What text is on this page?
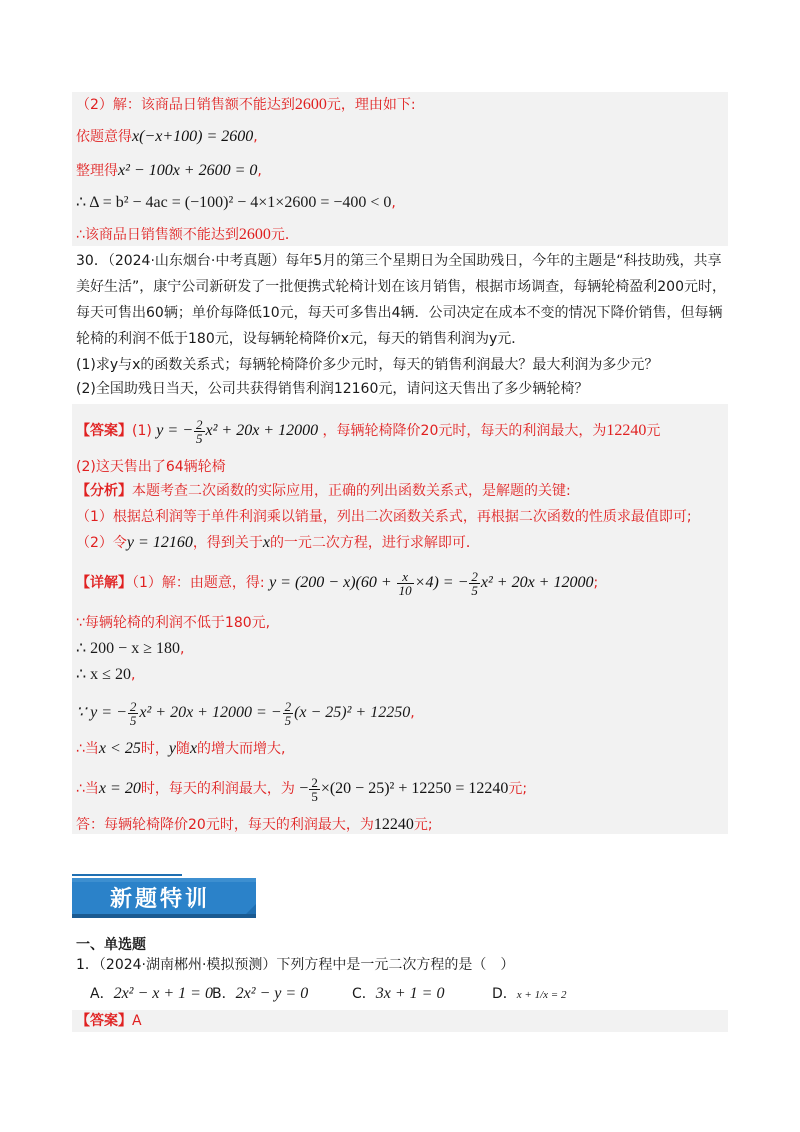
（2）解：该商品日销售额不能达到2600元，理由如下:
依题意得x(−x+100) = 2600,
整理得x² − 100x + 2600 = 0,
∴ Δ = b² − 4ac = (−100)² − 4×1×2600 = −400 < 0,
∴该商品日销售额不能达到2600元．
30．（2024·山东烟台·中考真题）每年5月的第三个星期日为全国助残日，今年的主题是“科技助残，共享美好生活”，康宁公司新研发了一批便携式轮椅计划在该月销售，根据市场调查，每辆轮椅盈利200元时，每天可售出60辆；单价每降低10元，每天可多售出4辆．公司决定在成本不变的情况下降价销售，但每辆轮椅的利润不低于180元，设每辆轮椅降价x元，每天的销售利润为y元．
(1)求y与x的函数关系式；每辆轮椅降价多少元时，每天的销售利润最大？最大利润为多少元？
(2)全国助残日当天，公司共获得销售利润12160元，请问这天售出了多少辆轮椅？
【答案】(1) y = − $\frac{2}{5} x^2 + 20x + 12000$ ，每辆轮椅降价20元时，每天的利润最大，为12240元
(2)这天售出了64辆轮椅
【分析】本题考查二次函数的实际应用，正确的列出函数关系式，是解题的关键:
（1）根据总利润等于单件利润乘以销量，列出二次函数关系式，再根据二次函数的性质求最值即可;
（2）令y = 12160，得到关于x的一元二次方程，进行求解即可．
【详解】（1）解：由题意，得: $y = (200 - x)(60 + \frac{x}{10} \times 4)$ = − $\frac{2}{5} x^2 + 20x + 12000$;
∵每辆轮椅的利润不低于180元,
∴ 200 − x ≥ 180,
∴ x ≤ 20,
∵ y = − $\frac{2}{5} x^2 + 20x + 12000$ = − $\frac{2}{5} (x - 25)^2 + 12250$,
∴当x < 25时，y随x的增大而增大,
∴当x = 20时，每天的利润最大，为 − $\frac{2}{5} \times(20 - 25)^2 + 12250 = 12240$元;
答：每辆轮椅降价20元时，每天的利润最大，为12240元;
新题特训
一、单选题
1．（2024·湖南郴州·模拟预测）下列方程中是一元二次方程的是（　）
A．2x² − x + 1 = 0 B．2x² − y = 0	C．3x + 1 = 0	D．x + 1/x = 2
【答案】A
